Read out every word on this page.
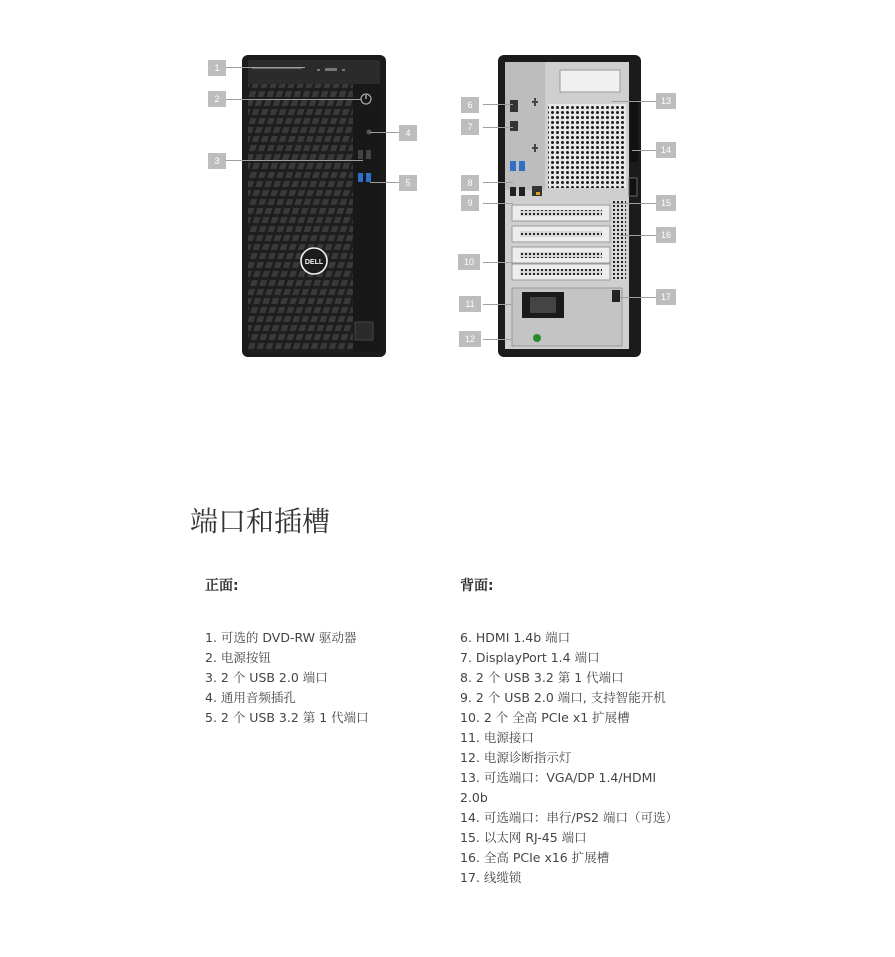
DELL
1
2
3
4
5
6
7
8
9
10
11
12
13
14
15
16
17
端口和插槽
正面:
1. 可选的 DVD-RW 驱动器
2. 电源按钮
3. 2 个 USB 2.0 端口
4. 通用音频插孔
5. 2 个 USB 3.2 第 1 代端口
背面:
6. HDMI 1.4b 端口
7. DisplayPort 1.4 端口
8. 2 个 USB 3.2 第 1 代端口
9. 2 个 USB 2.0 端口, 支持智能开机
10. 2 个 全高 PCIe x1 扩展槽
11. 电源接口
12. 电源诊断指示灯
13. 可选端口：VGA/DP 1.4/HDMI 2.0b
14. 可选端口：串行/PS2 端口（可选）
15. 以太网 RJ-45 端口
16. 全高 PCIe x16 扩展槽
17. 线缆锁
